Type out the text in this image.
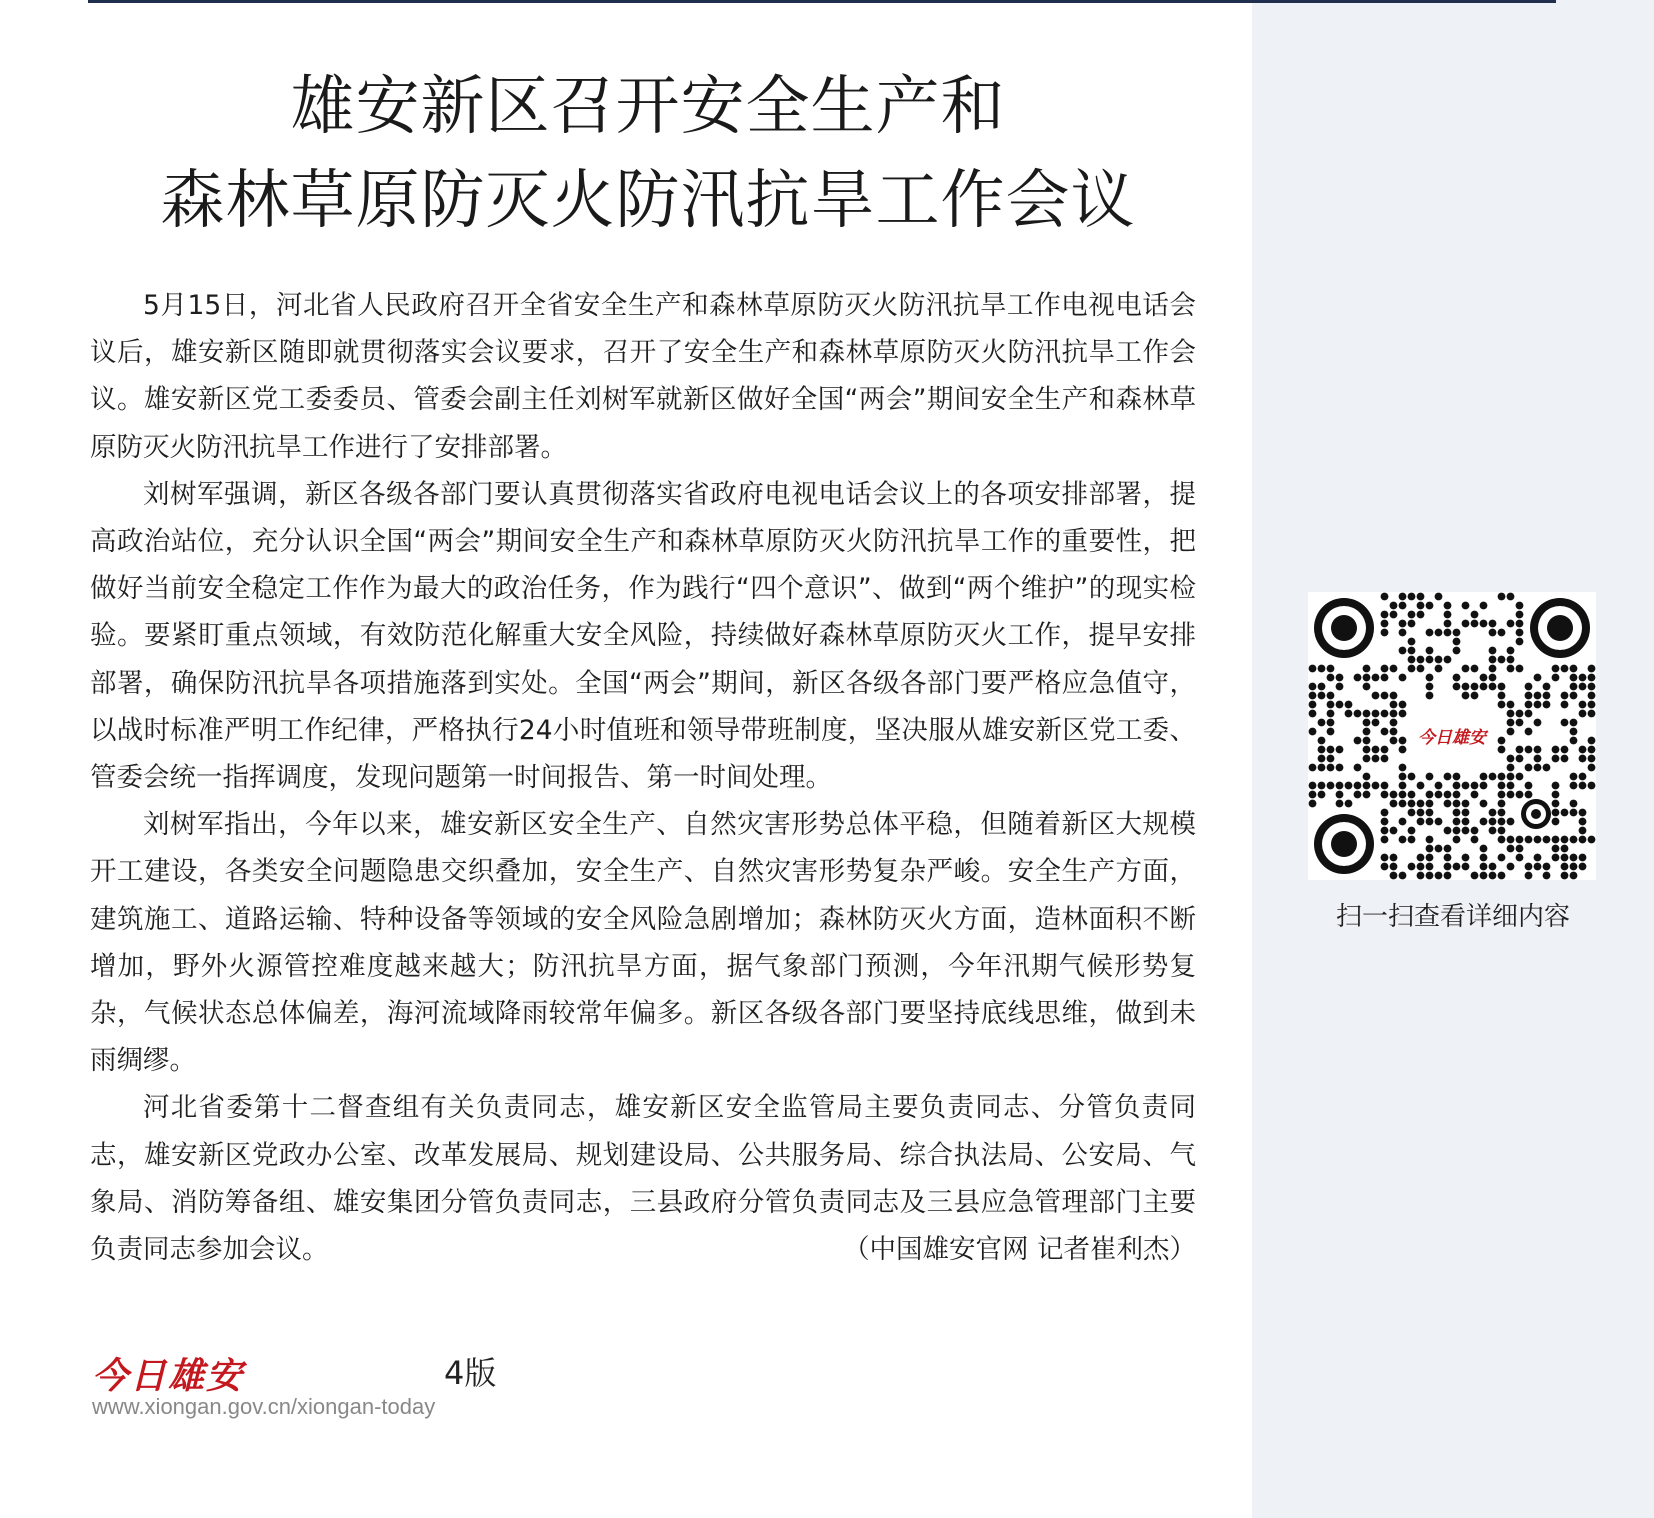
雄安新区召开安全生产和
森林草原防灭火防汛抗旱工作会议

5月15日，河北省人民政府召开全省安全生产和森林草原防灭火防汛抗旱工作电视电话会议后，雄安新区随即就贯彻落实会议要求，召开了安全生产和森林草原防灭火防汛抗旱工作会议。雄安新区党工委委员、管委会副主任刘树军就新区做好全国“两会”期间安全生产和森林草原防灭火防汛抗旱工作进行了安排部署。

刘树军强调，新区各级各部门要认真贯彻落实省政府电视电话会议上的各项安排部署，提高政治站位，充分认识全国“两会”期间安全生产和森林草原防灭火防汛抗旱工作的重要性，把做好当前安全稳定工作作为最大的政治任务，作为践行“四个意识”、做到“两个维护”的现实检验。要紧盯重点领域，有效防范化解重大安全风险，持续做好森林草原防灭火工作，提早安排部署，确保防汛抗旱各项措施落到实处。全国“两会”期间，新区各级各部门要严格应急值守，以战时标准严明工作纪律，严格执行24小时值班和领导带班制度，坚决服从雄安新区党工委、管委会统一指挥调度，发现问题第一时间报告、第一时间处理。

刘树军指出，今年以来，雄安新区安全生产、自然灾害形势总体平稳，但随着新区大规模开工建设，各类安全问题隐患交织叠加，安全生产、自然灾害形势复杂严峻。安全生产方面，建筑施工、道路运输、特种设备等领域的安全风险急剧增加；森林防灭火方面，造林面积不断增加，野外火源管控难度越来越大；防汛抗旱方面，据气象部门预测，今年汛期气候形势复杂，气候状态总体偏差，海河流域降雨较常年偏多。新区各级各部门要坚持底线思维，做到未雨绸缪。

河北省委第十二督查组有关负责同志，雄安新区安全监管局主要负责同志、分管负责同志，雄安新区党政办公室、改革发展局、规划建设局、公共服务局、综合执法局、公安局、气象局、消防筹备组、雄安集团分管负责同志，三县政府分管负责同志及三县应急管理部门主要负责同志参加会议。	（中国雄安官网 记者崔利杰）

今日雄安
扫一扫查看详细内容
今日雄安	4版
www.xiongan.gov.cn/xiongan-today
